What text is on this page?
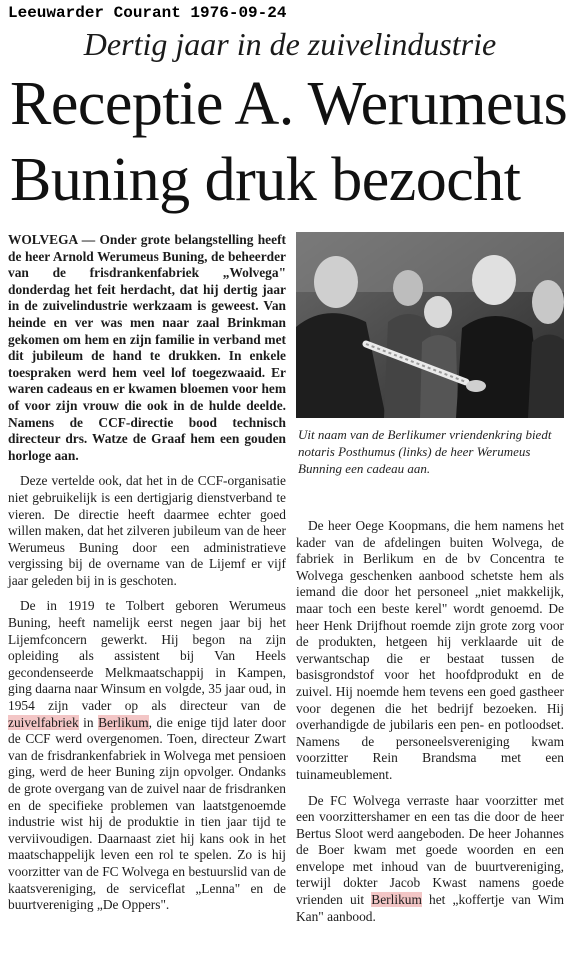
Leeuwarder Courant 1976-09-24
Dertig jaar in de zuivelindustrie
Receptie A. Werumeus
Buning druk bezocht

WOLVEGA — Onder grote belangstelling heeft de heer Arnold Werumeus Buning, de beheerder van de frisdrankenfabriek „Wolvega" donderdag het feit herdacht, dat hij dertig jaar in de zuivelindustrie werkzaam is geweest. Van heinde en ver was men naar zaal Brinkman gekomen om hem en zijn familie in verband met dit jubileum de hand te drukken. In enkele toespraken werd hem veel lof toegezwaaid. Er waren cadeaus en er kwamen bloemen voor hem of voor zijn vrouw die ook in de hulde deelde. Namens de CCF-directie bood technisch directeur drs. Watze de Graaf hem een gouden horloge aan.

Deze vertelde ook, dat het in de CCF-organisatie niet gebruikelijk is een dertigjarig dienstverband te vieren. De directie heeft daarmee echter goed willen maken, dat het zilveren jubileum van de heer Werumeus Buning door een administratieve vergissing bij de overname van de Lijemf er vijf jaar geleden bij in is geschoten.

De in 1919 te Tolbert geboren Werumeus Buning, heeft namelijk eerst negen jaar bij het Lijemfconcern gewerkt. Hij begon na zijn opleiding als assistent bij Van Heels gecondenseerde Melkmaatschappij in Kampen, ging daarna naar Winsum en volgde, 35 jaar oud, in 1954 zijn vader op als directeur van de zuivelfabriek in Berlikum, die enige tijd later door de CCF werd overgenomen. Toen, directeur Zwart van de frisdrankenfabriek in Wolvega met pensioen ging, werd de heer Buning zijn opvolger. Ondanks de grote overgang van de zuivel naar de frisdranken en de specifieke problemen van laatstgenoemde industrie wist hij de produktie in tien jaar tijd te verviivoudigen. Daarnaast ziet hij kans ook in het maatschappelijk leven een rol te spelen. Zo is hij voorzitter van de FC Wolvega en bestuurslid van de kaatsvereniging, de serviceflat „Lenna" en de buurtvereniging „De Oppers".

Uit naam van de Berlikumer vriendenkring biedt notaris Posthumus (links) de heer Werumeus Bunning een cadeau aan.

De heer Oege Koopmans, die hem namens het kader van de afdelingen buiten Wolvega, de fabriek in Berlikum en de bv Concentra te Wolvega geschenken aanbood schetste hem als iemand die door het personeel „niet makkelijk, maar toch een beste kerel" wordt genoemd. De heer Henk Drijfhout roemde zijn grote zorg voor de produkten, hetgeen hij verklaarde uit de verwantschap die er bestaat tussen de basisgrondstof voor het hoofdprodukt en de zuivel. Hij noemde hem tevens een goed gastheer voor degenen die het bedrijf bezoeken. Hij overhandigde de jubilaris een pen- en potloodset. Namens de personeelsvereniging kwam voorzitter Rein Brandsma met een tuinameublement.

De FC Wolvega verraste haar voorzitter met een voorzittershamer en een tas die door de heer Bertus Sloot werd aangeboden. De heer Johannes de Boer kwam met goede woorden en een envelope met inhoud van de buurtvereniging, terwijl dokter Jacob Kwast namens goede vrienden uit Berlikum het „koffertje van Wim Kan" aanbood.
